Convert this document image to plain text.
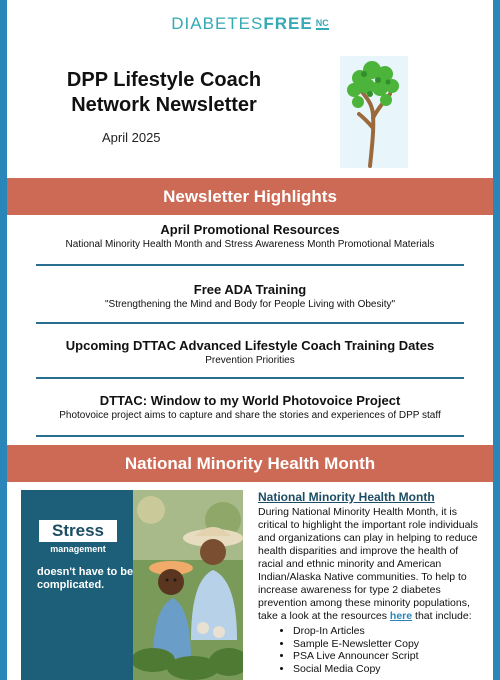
DIABETESFREE NC
DPP Lifestyle Coach Network Newsletter
April 2025
Newsletter Highlights
April Promotional Resources
National Minority Health Month and Stress Awareness Month Promotional Materials
Free ADA Training
"Strengthening the Mind and Body for People Living with Obesity"
Upcoming DTTAC Advanced Lifestyle Coach Training Dates
Prevention Priorities
DTTAC: Window to my World Photovoice Project
Photovoice project aims to capture and share the stories and experiences of DPP staff
National Minority Health Month
Stress
management
doesn't have to be complicated.
National Minority Health Month
During National Minority Health Month, it is critical to highlight the important role individuals and organizations can play in helping to reduce health disparities and improve the health of racial and ethnic minority and American Indian/Alaska Native communities. To help to increase awareness for type 2 diabetes prevention among these minority populations, take a look at the resources here that include:
• Drop-In Articles
• Sample E-Newsletter Copy
• PSA Live Announcer Script
• Social Media Copy
